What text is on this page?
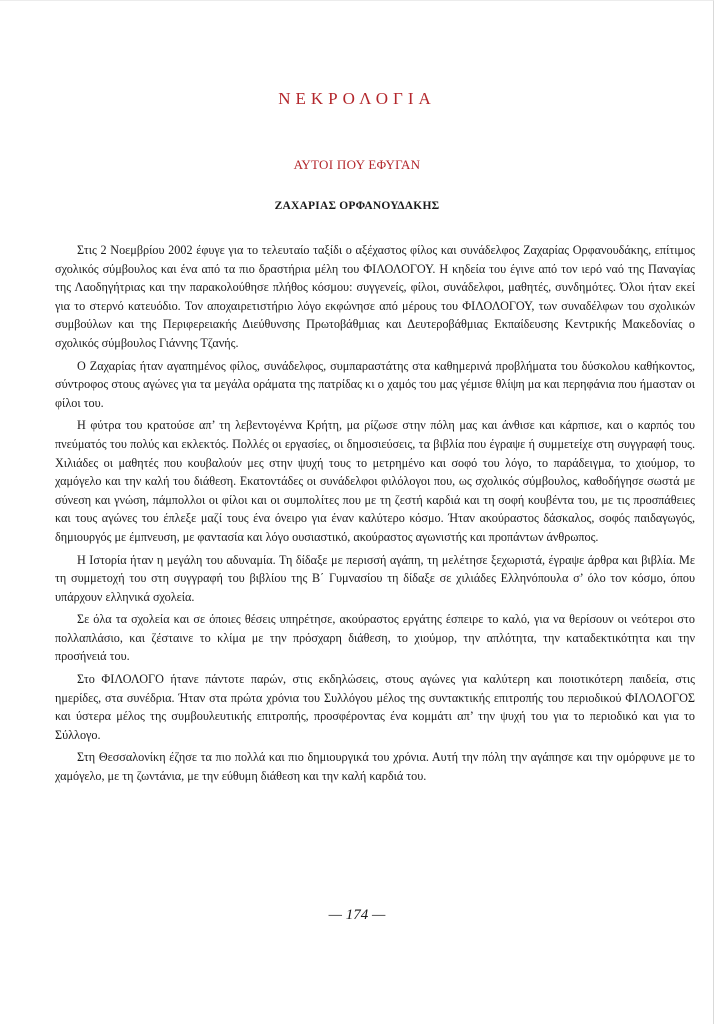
ΝΕΚΡΟΛΟΓΙΑ
ΑΥΤΟΙ ΠΟΥ ΕΦΥΓΑΝ
ΖΑΧΑΡΙΑΣ ΟΡΦΑΝΟΥΔΑΚΗΣ

Στις 2 Νοεμβρίου 2002 έφυγε για το τελευταίο ταξίδι ο αξέχαστος φίλος και συνάδελφος Ζαχαρίας Ορφανουδάκης, επίτιμος σχολικός σύμβουλος και ένα από τα πιο δραστήρια μέλη του ΦΙΛΟΛΟΓΟΥ. Η κηδεία του έγινε από τον ιερό ναό της Παναγίας της Λαοδηγήτριας και την παρακολούθησε πλήθος κόσμου: συγγενείς, φίλοι, συνάδελφοι, μαθητές, συνδημότες. Όλοι ήταν εκεί για το στερνό κατευόδιο. Τον αποχαιρετιστήριο λόγο εκφώνησε από μέρους του ΦΙΛΟΛΟΓΟΥ, των συναδέλφων του σχολικών συμβούλων και της Περιφερειακής Διεύθυνσης Πρωτοβάθμιας και Δευτεροβάθμιας Εκπαίδευσης Κεντρικής Μακεδονίας ο σχολικός σύμβουλος Γιάννης Τζανής.

Ο Ζαχαρίας ήταν αγαπημένος φίλος, συνάδελφος, συμπαραστάτης στα καθημερινά προβλήματα του δύσκολου καθήκοντος, σύντροφος στους αγώνες για τα μεγάλα οράματα της πατρίδας κι ο χαμός του μας γέμισε θλίψη μα και περηφάνια που ήμασταν οι φίλοι του.

Η φύτρα του κρατούσε απ’ τη λεβεντογέννα Κρήτη, μα ρίζωσε στην πόλη μας και άνθισε και κάρπισε, και ο καρπός του πνεύματός του πολύς και εκλεκτός. Πολλές οι εργασίες, οι δημοσιεύσεις, τα βιβλία που έγραψε ή συμμετείχε στη συγγραφή τους. Χιλιάδες οι μαθητές που κουβαλούν μες στην ψυχή τους το μετρημένο και σοφό του λόγο, το παράδειγμα, το χιούμορ, το χαμόγελο και την καλή του διάθεση. Εκατοντάδες οι συνάδελφοι φιλόλογοι που, ως σχολικός σύμβουλος, καθοδήγησε σωστά με σύνεση και γνώση, πάμπολλοι οι φίλοι και οι συμπολίτες που με τη ζεστή καρδιά και τη σοφή κουβέντα του, με τις προσπάθειες και τους αγώνες του έπλεξε μαζί τους ένα όνειρο για έναν καλύτερο κόσμο. Ήταν ακούραστος δάσκαλος, σοφός παιδαγωγός, δημιουργός με έμπνευση, με φαντασία και λόγο ουσιαστικό, ακούραστος αγωνιστής και προπάντων άνθρωπος.

Η Ιστορία ήταν η μεγάλη του αδυναμία. Τη δίδαξε με περισσή αγάπη, τη μελέτησε ξεχωριστά, έγραψε άρθρα και βιβλία. Με τη συμμετοχή του στη συγγραφή του βιβλίου της Β΄ Γυμνασίου τη δίδαξε σε χιλιάδες Ελληνόπουλα σ’ όλο τον κόσμο, όπου υπάρχουν ελληνικά σχολεία.

Σε όλα τα σχολεία και σε όποιες θέσεις υπηρέτησε, ακούραστος εργάτης έσπειρε το καλό, για να θερίσουν οι νεότεροι στο πολλαπλάσιο, και ζέσταινε το κλίμα με την πρόσχαρη διάθεση, το χιούμορ, την απλότητα, την καταδεκτικότητα και την προσήνειά του.

Στο ΦΙΛΟΛΟΓΟ ήτανε πάντοτε παρών, στις εκδηλώσεις, στους αγώνες για καλύτερη και ποιοτικότερη παιδεία, στις ημερίδες, στα συνέδρια. Ήταν στα πρώτα χρόνια του Συλλόγου μέλος της συντακτικής επιτροπής του περιοδικού ΦΙΛΟΛΟΓΟΣ και ύστερα μέλος της συμβουλευτικής επιτροπής, προσφέροντας ένα κομμάτι απ’ την ψυχή του για το περιοδικό και για το Σύλλογο.

Στη Θεσσαλονίκη έζησε τα πιο πολλά και πιο δημιουργικά του χρόνια. Αυτή την πόλη την αγάπησε και την ομόρφυνε με το χαμόγελο, με τη ζωντάνια, με την εύθυμη διάθεση και την καλή καρδιά του.

— 174 —
